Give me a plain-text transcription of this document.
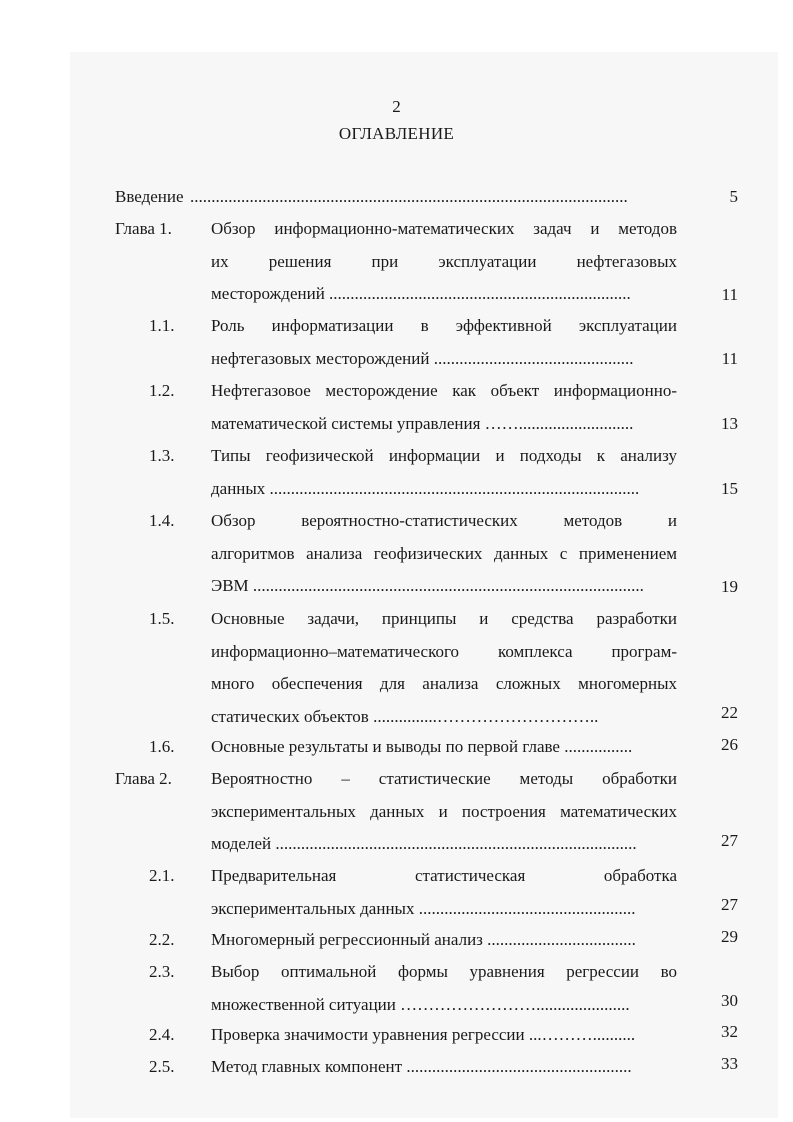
2
ОГЛАВЛЕНИЕ
Введение .......................................................................................................	5
Глава 1. Обзор информационно-математических задач и методов
их решения при эксплуатации нефтегазовых
месторождений .......................................................................	11
1.1. Роль информатизации в эффективной эксплуатации
нефтегазовых месторождений ...............................................	11
1.2. Нефтегазовое месторождение как объект информационно-
математической системы управления ……...........................	13
1.3. Типы геофизической информации и подходы к анализу
данных .......................................................................................	15
1.4. Обзор вероятностно-статистических методов и
алгоритмов анализа геофизических данных с применением
ЭВМ ............................................................................................	19
1.5. Основные задачи, принципы и средства разработки
информационно–математического комплекса програм-
много обеспечения для анализа сложных многомерных
статических объектов ...............………………………..	22
1.6. Основные результаты и выводы по первой главе ................	26
Глава 2. Вероятностно – статистические методы обработки
экспериментальных данных и построения математических
моделей .....................................................................................	27
2.1. Предварительная статистическая обработка
экспериментальных данных ...................................................	27
2.2. Многомерный регрессионный анализ ...................................	29
2.3. Выбор оптимальной формы уравнения регрессии во
множественной ситуации ……………………......................	30
2.4. Проверка значимости уравнения регрессии ...………..........	32
2.5. Метод главных компонент .....................................................	33
